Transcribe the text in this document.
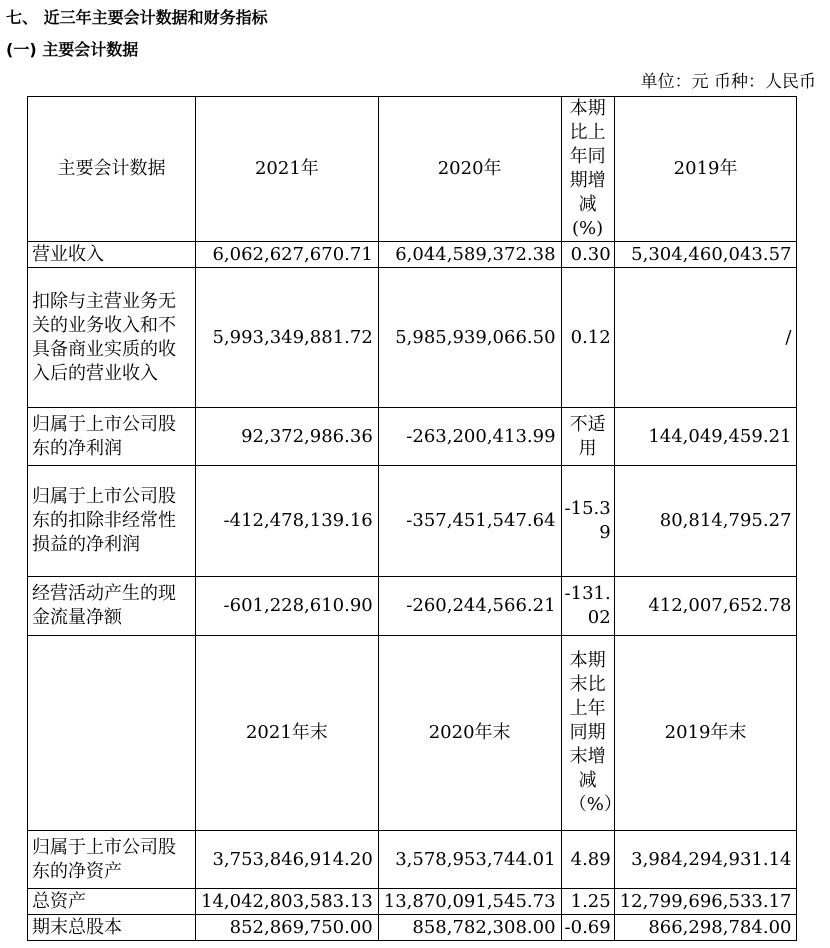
七、 近三年主要会计数据和财务指标
(一) 主要会计数据
单位：元 币种：人民币
主要会计数据	2021年	2020年	本期比上年同期增减(%)	2019年
营业收入	6,062,627,670.71	6,044,589,372.38	0.30	5,304,460,043.57

扣除与主营业务无关的业务收入和不具备商业实质的收入后的营业收入	5,993,349,881.72	5,985,939,066.50	0.12	/

归属于上市公司股东的净利润	92,372,986.36	-263,200,413.99	不适用	144,049,459.21

归属于上市公司股东的扣除非经常性损益的净利润	-412,478,139.16	-357,451,547.64	-15.39	80,814,795.27

经营活动产生的现金流量净额	-601,228,610.90	-260,244,566.21	-131.02	412,007,652.78
	2021年末	2020年末	本期末比上年同期末增减（%）	2019年末

归属于上市公司股东的净资产	3,753,846,914.20	3,578,953,744.01	4.89	3,984,294,931.14
总资产	14,042,803,583.13	13,870,091,545.73	1.25	12,799,696,533.17
期末总股本	852,869,750.00	858,782,308.00	-0.69	866,298,784.00
